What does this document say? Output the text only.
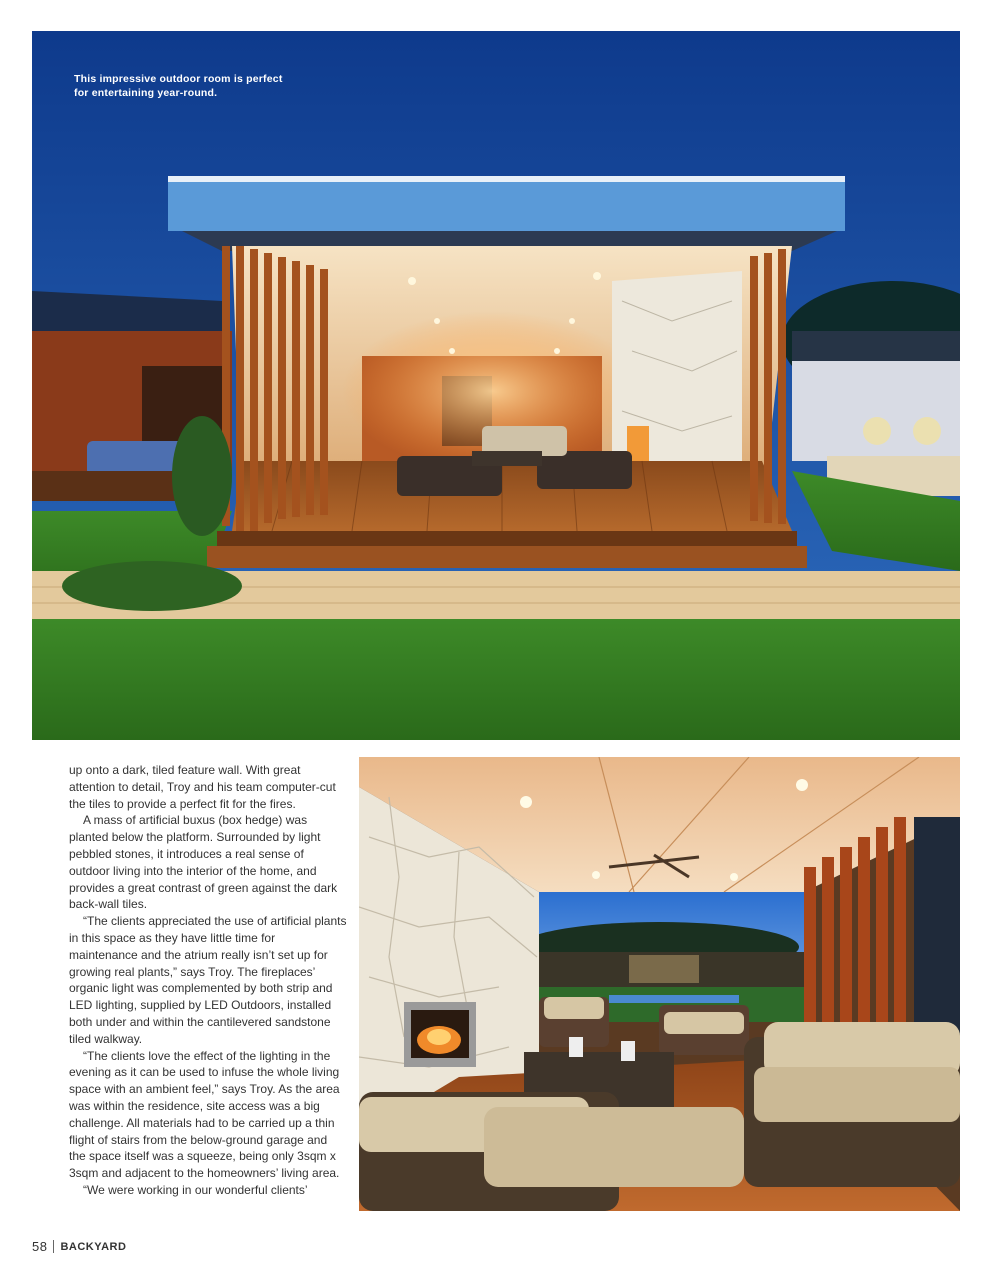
This impressive outdoor room is perfect for entertaining year-round.

up onto a dark, tiled feature wall. With great attention to detail, Troy and his team computer-cut the tiles to provide a perfect fit for the fires.

A mass of artificial buxus (box hedge) was planted below the platform. Surrounded by light pebbled stones, it introduces a real sense of outdoor living into the interior of the home, and provides a great contrast of green against the dark back-wall tiles.

“The clients appreciated the use of artificial plants in this space as they have little time for maintenance and the atrium really isn’t set up for growing real plants,” says Troy. The fireplaces’ organic light was complemented by both strip and LED lighting, supplied by LED Outdoors, installed both under and within the cantilevered sandstone tiled walkway.

“The clients love the effect of the lighting in the evening as it can be used to infuse the whole living space with an ambient feel,” says Troy. As the area was within the residence, site access was a big challenge. All materials had to be carried up a thin flight of stairs from the below-ground garage and the space itself was a squeeze, being only 3sqm x 3sqm and adjacent to the homeowners’ living area.

“We were working in our wonderful clients’

58 BACKYARD
